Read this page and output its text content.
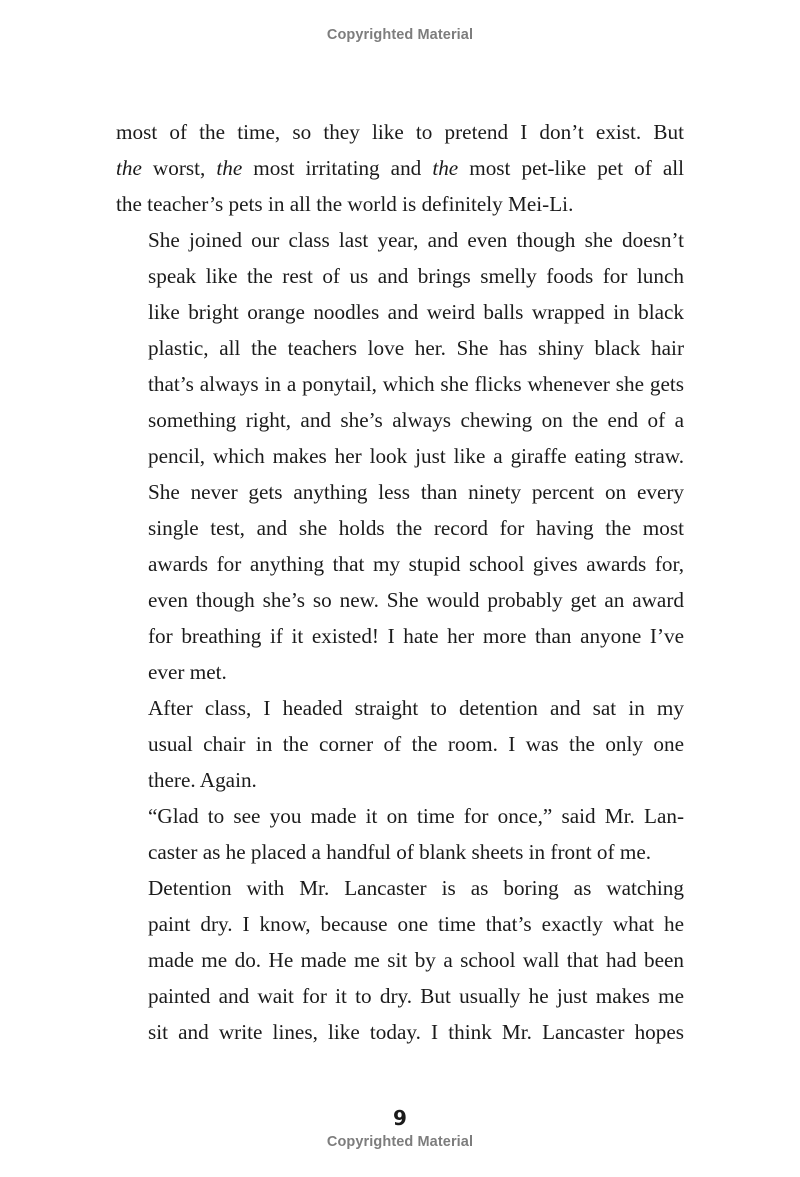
Copyrighted Material

most of the time, so they like to pretend I don’t exist. But
the worst, the most irritating and the most pet-like pet of all
the teacher’s pets in all the world is definitely Mei-Li.

She joined our class last year, and even though she doesn’t
speak like the rest of us and brings smelly foods for lunch
like bright orange noodles and weird balls wrapped in black
plastic, all the teachers love her. She has shiny black hair
that’s always in a ponytail, which she flicks whenever she gets
something right, and she’s always chewing on the end of a
pencil, which makes her look just like a giraffe eating straw.
She never gets anything less than ninety percent on every
single test, and she holds the record for having the most
awards for anything that my stupid school gives awards for,
even though she’s so new. She would probably get an award
for breathing if it existed! I hate her more than anyone I’ve
ever met.

After class, I headed straight to detention and sat in my
usual chair in the corner of the room. I was the only one
there. Again.

“Glad to see you made it on time for once,” said Mr. Lan-
caster as he placed a handful of blank sheets in front of me.

Detention with Mr. Lancaster is as boring as watching
paint dry. I know, because one time that’s exactly what he
made me do. He made me sit by a school wall that had been
painted and wait for it to dry. But usually he just makes me
sit and write lines, like today. I think Mr. Lancaster hopes

9
Copyrighted Material
